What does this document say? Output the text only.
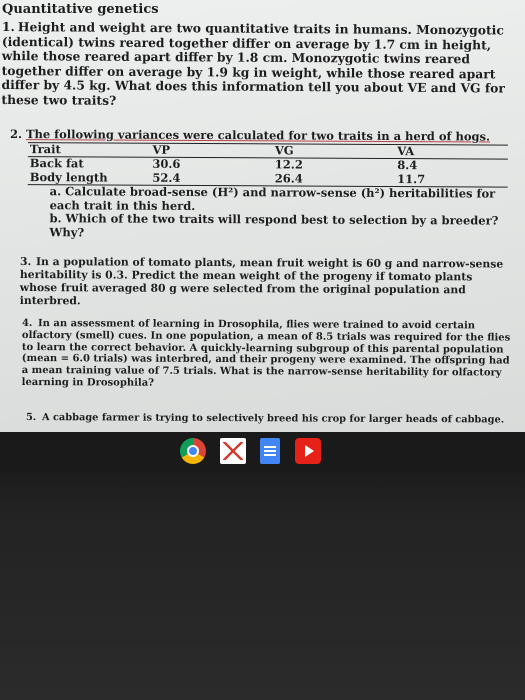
Quantitative genetics
1. Height and weight are two quantitative traits in humans. Monozygotic (identical) twins reared together differ on average by 1.7 cm in height, while those reared apart differ by 1.8 cm. Monozygotic twins reared together differ on average by 1.9 kg in weight, while those reared apart differ by 4.5 kg. What does this information tell you about VE and VG for these two traits?
2. The following variances were calculated for two traits in a herd of hogs.
Trait	VP	VG	VA
Back fat	30.6	12.2	8.4
Body length	52.4	26.4	11.7
a. Calculate broad-sense (H²) and narrow-sense (h²) heritabilities for each trait in this herd.
b. Which of the two traits will respond best to selection by a breeder? Why?
3. In a population of tomato plants, mean fruit weight is 60 g and narrow-sense heritability is 0.3. Predict the mean weight of the progeny if tomato plants whose fruit averaged 80 g were selected from the original population and interbred.
4. In an assessment of learning in Drosophila, flies were trained to avoid certain olfactory (smell) cues. In one population, a mean of 8.5 trials was required for the flies to learn the correct behavior. A quickly-learning subgroup of this parental population (mean = 6.0 trials) was interbred, and their progeny were examined. The offspring had a mean training value of 7.5 trials. What is the narrow-sense heritability for olfactory learning in Drosophila?
5. A cabbage farmer is trying to selectively breed his crop for larger heads of cabbage.
